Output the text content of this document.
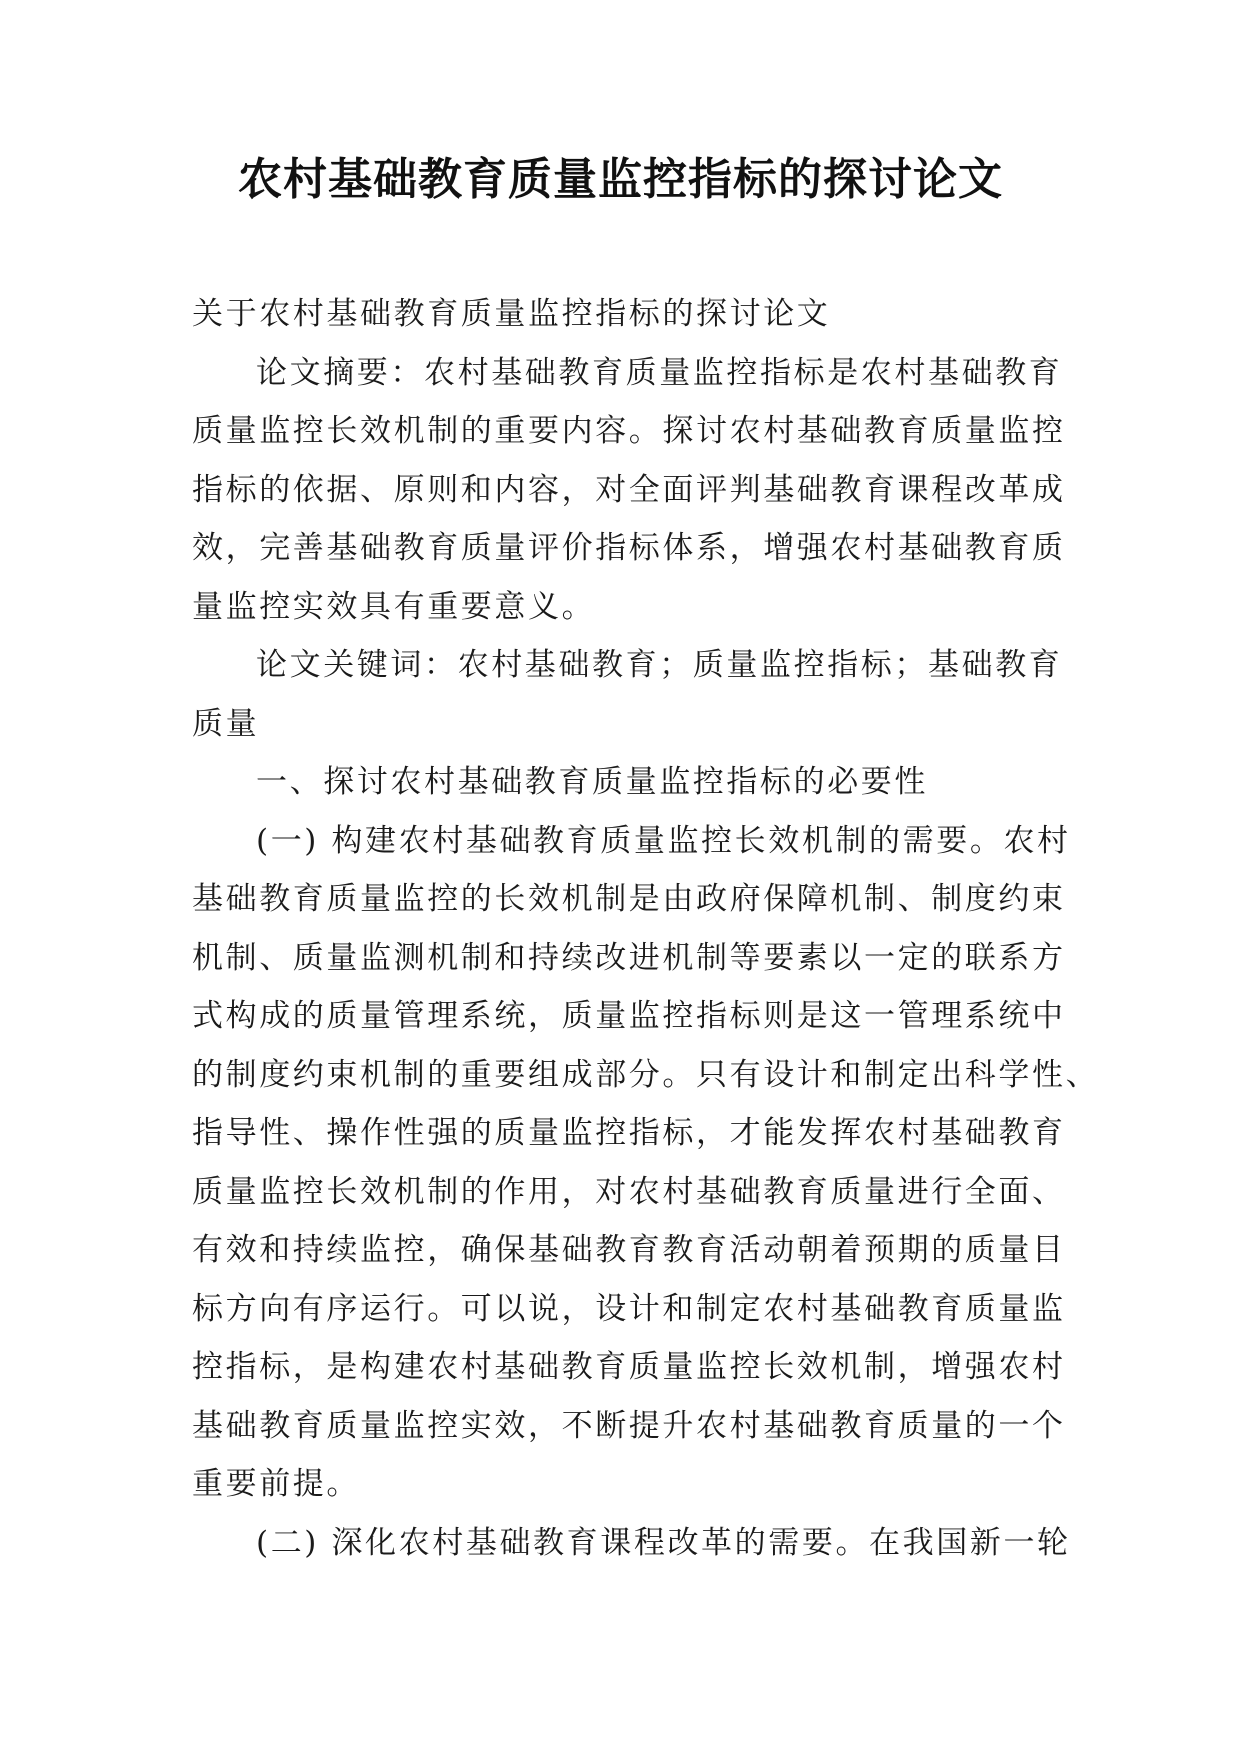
农村基础教育质量监控指标的探讨论文
关于农村基础教育质量监控指标的探讨论文
论文摘要：农村基础教育质量监控指标是农村基础教育
质量监控长效机制的重要内容。探讨农村基础教育质量监控
指标的依据、原则和内容，对全面评判基础教育课程改革成
效，完善基础教育质量评价指标体系，增强农村基础教育质
量监控实效具有重要意义。
论文关键词：农村基础教育；质量监控指标；基础教育
质量
一、探讨农村基础教育质量监控指标的必要性
(一) 构建农村基础教育质量监控长效机制的需要。农村
基础教育质量监控的长效机制是由政府保障机制、制度约束
机制、质量监测机制和持续改进机制等要素以一定的联系方
式构成的质量管理系统，质量监控指标则是这一管理系统中
的制度约束机制的重要组成部分。只有设计和制定出科学性、
指导性、操作性强的质量监控指标，才能发挥农村基础教育
质量监控长效机制的作用，对农村基础教育质量进行全面、
有效和持续监控，确保基础教育教育活动朝着预期的质量目
标方向有序运行。可以说，设计和制定农村基础教育质量监
控指标，是构建农村基础教育质量监控长效机制，增强农村
基础教育质量监控实效，不断提升农村基础教育质量的一个
重要前提。
(二) 深化农村基础教育课程改革的需要。在我国新一轮
